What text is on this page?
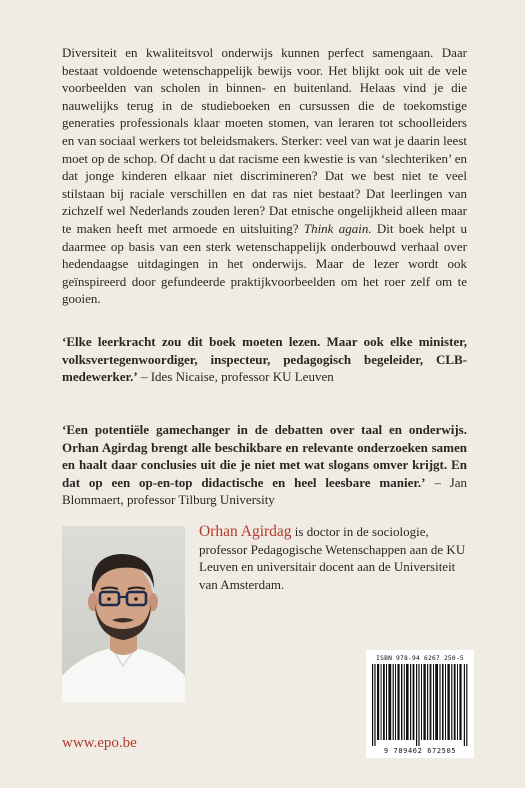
Diversiteit en kwaliteitsvol onderwijs kunnen perfect samengaan. Daar bestaat voldoende wetenschappelijk bewijs voor. Het blijkt ook uit de vele voorbeelden van scholen in binnen- en buitenland. Helaas vind je die nauwelijks terug in de studieboeken en cursussen die de toekomstige generaties professionals klaar moeten stomen, van leraren tot schoolleiders en van sociaal werkers tot beleidsmakers. Sterker: veel van wat je daarin leest moet op de schop. Of dacht u dat racisme een kwestie is van ‘slechteriken’ en dat jonge kinderen elkaar niet discrimineren? Dat we best niet te veel stilstaan bij raciale verschillen en dat ras niet bestaat? Dat leerlingen van zichzelf wel Nederlands zouden leren? Dat etnische ongelijkheid alleen maar te maken heeft met armoede en uitsluiting? Think again. Dit boek helpt u daarmee op basis van een sterk wetenschappelijk onderbouwd verhaal over hedendaagse uitdagingen in het onderwijs. Maar de lezer wordt ook geïnspireerd door gefundeerde praktijkvoorbeelden om het roer zelf om te gooien.

‘Elke leerkracht zou dit boek moeten lezen. Maar ook elke minister, volksvertegenwoordiger, inspecteur, pedagogisch begeleider, CLB-medewerker.’ – Ides Nicaise, professor KU Leuven

‘Een potentiële gamechanger in de debatten over taal en onderwijs. Orhan Agirdag brengt alle beschikbare en relevante onderzoeken samen en haalt daar conclusies uit die je niet met wat slogans omver krijgt. En dat op een op-en-top didactische en heel leesbare manier.’ – Jan Blommaert, professor Tilburg University

Orhan Agirdag is doctor in de sociologie, professor Pedagogische Wetenschappen aan de KU Leuven en universitair docent aan de Universiteit van Amsterdam.

ISBN 978-94 6267 250-5
9 789462 672505
www.epo.be
